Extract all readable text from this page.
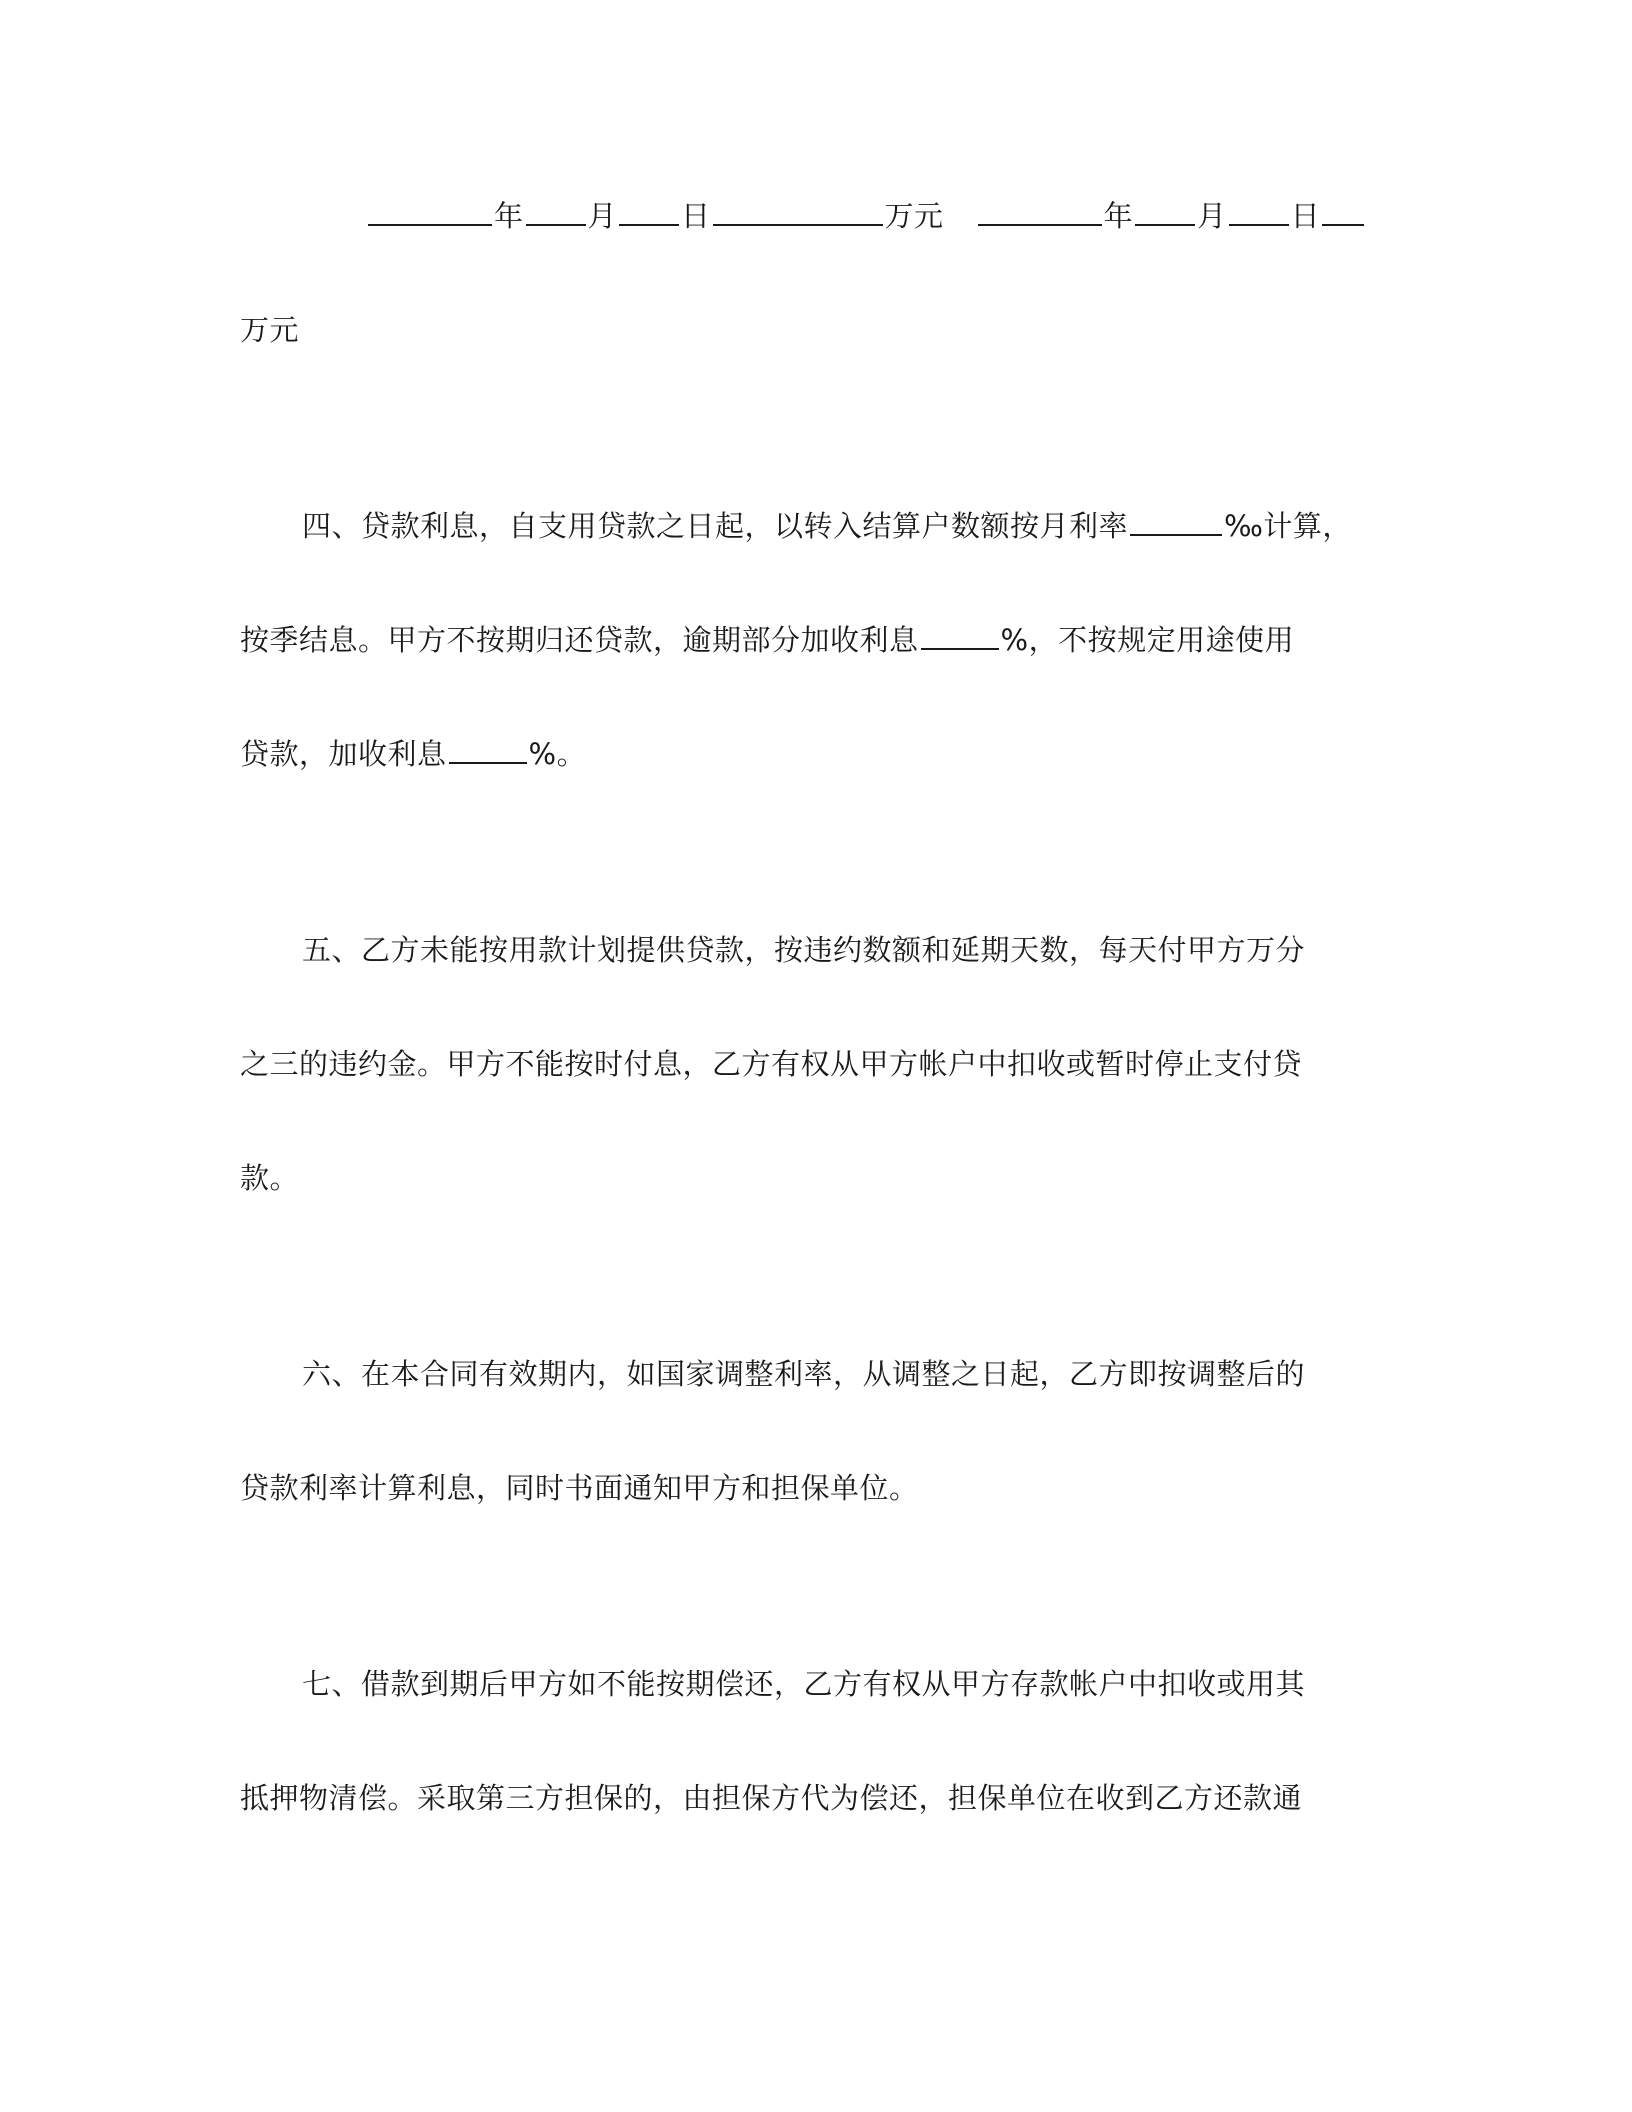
年 月 日	万元	年 月 日
万元
四、贷款利息，自支用贷款之日起，以转入结算户数额按月利率	‰计算，
按季结息。甲方不按期归还贷款，逾期部分加收利息	%，不按规定用途使用
贷款，加收利息	%。
五、乙方未能按用款计划提供贷款，按违约数额和延期天数，每天付甲方万分
之三的违约金。甲方不能按时付息，乙方有权从甲方帐户中扣收或暂时停止支付贷
款。
六、在本合同有效期内，如国家调整利率，从调整之日起，乙方即按调整后的
贷款利率计算利息，同时书面通知甲方和担保单位。
七、借款到期后甲方如不能按期偿还，乙方有权从甲方存款帐户中扣收或用其
抵押物清偿。采取第三方担保的，由担保方代为偿还，担保单位在收到乙方还款通
